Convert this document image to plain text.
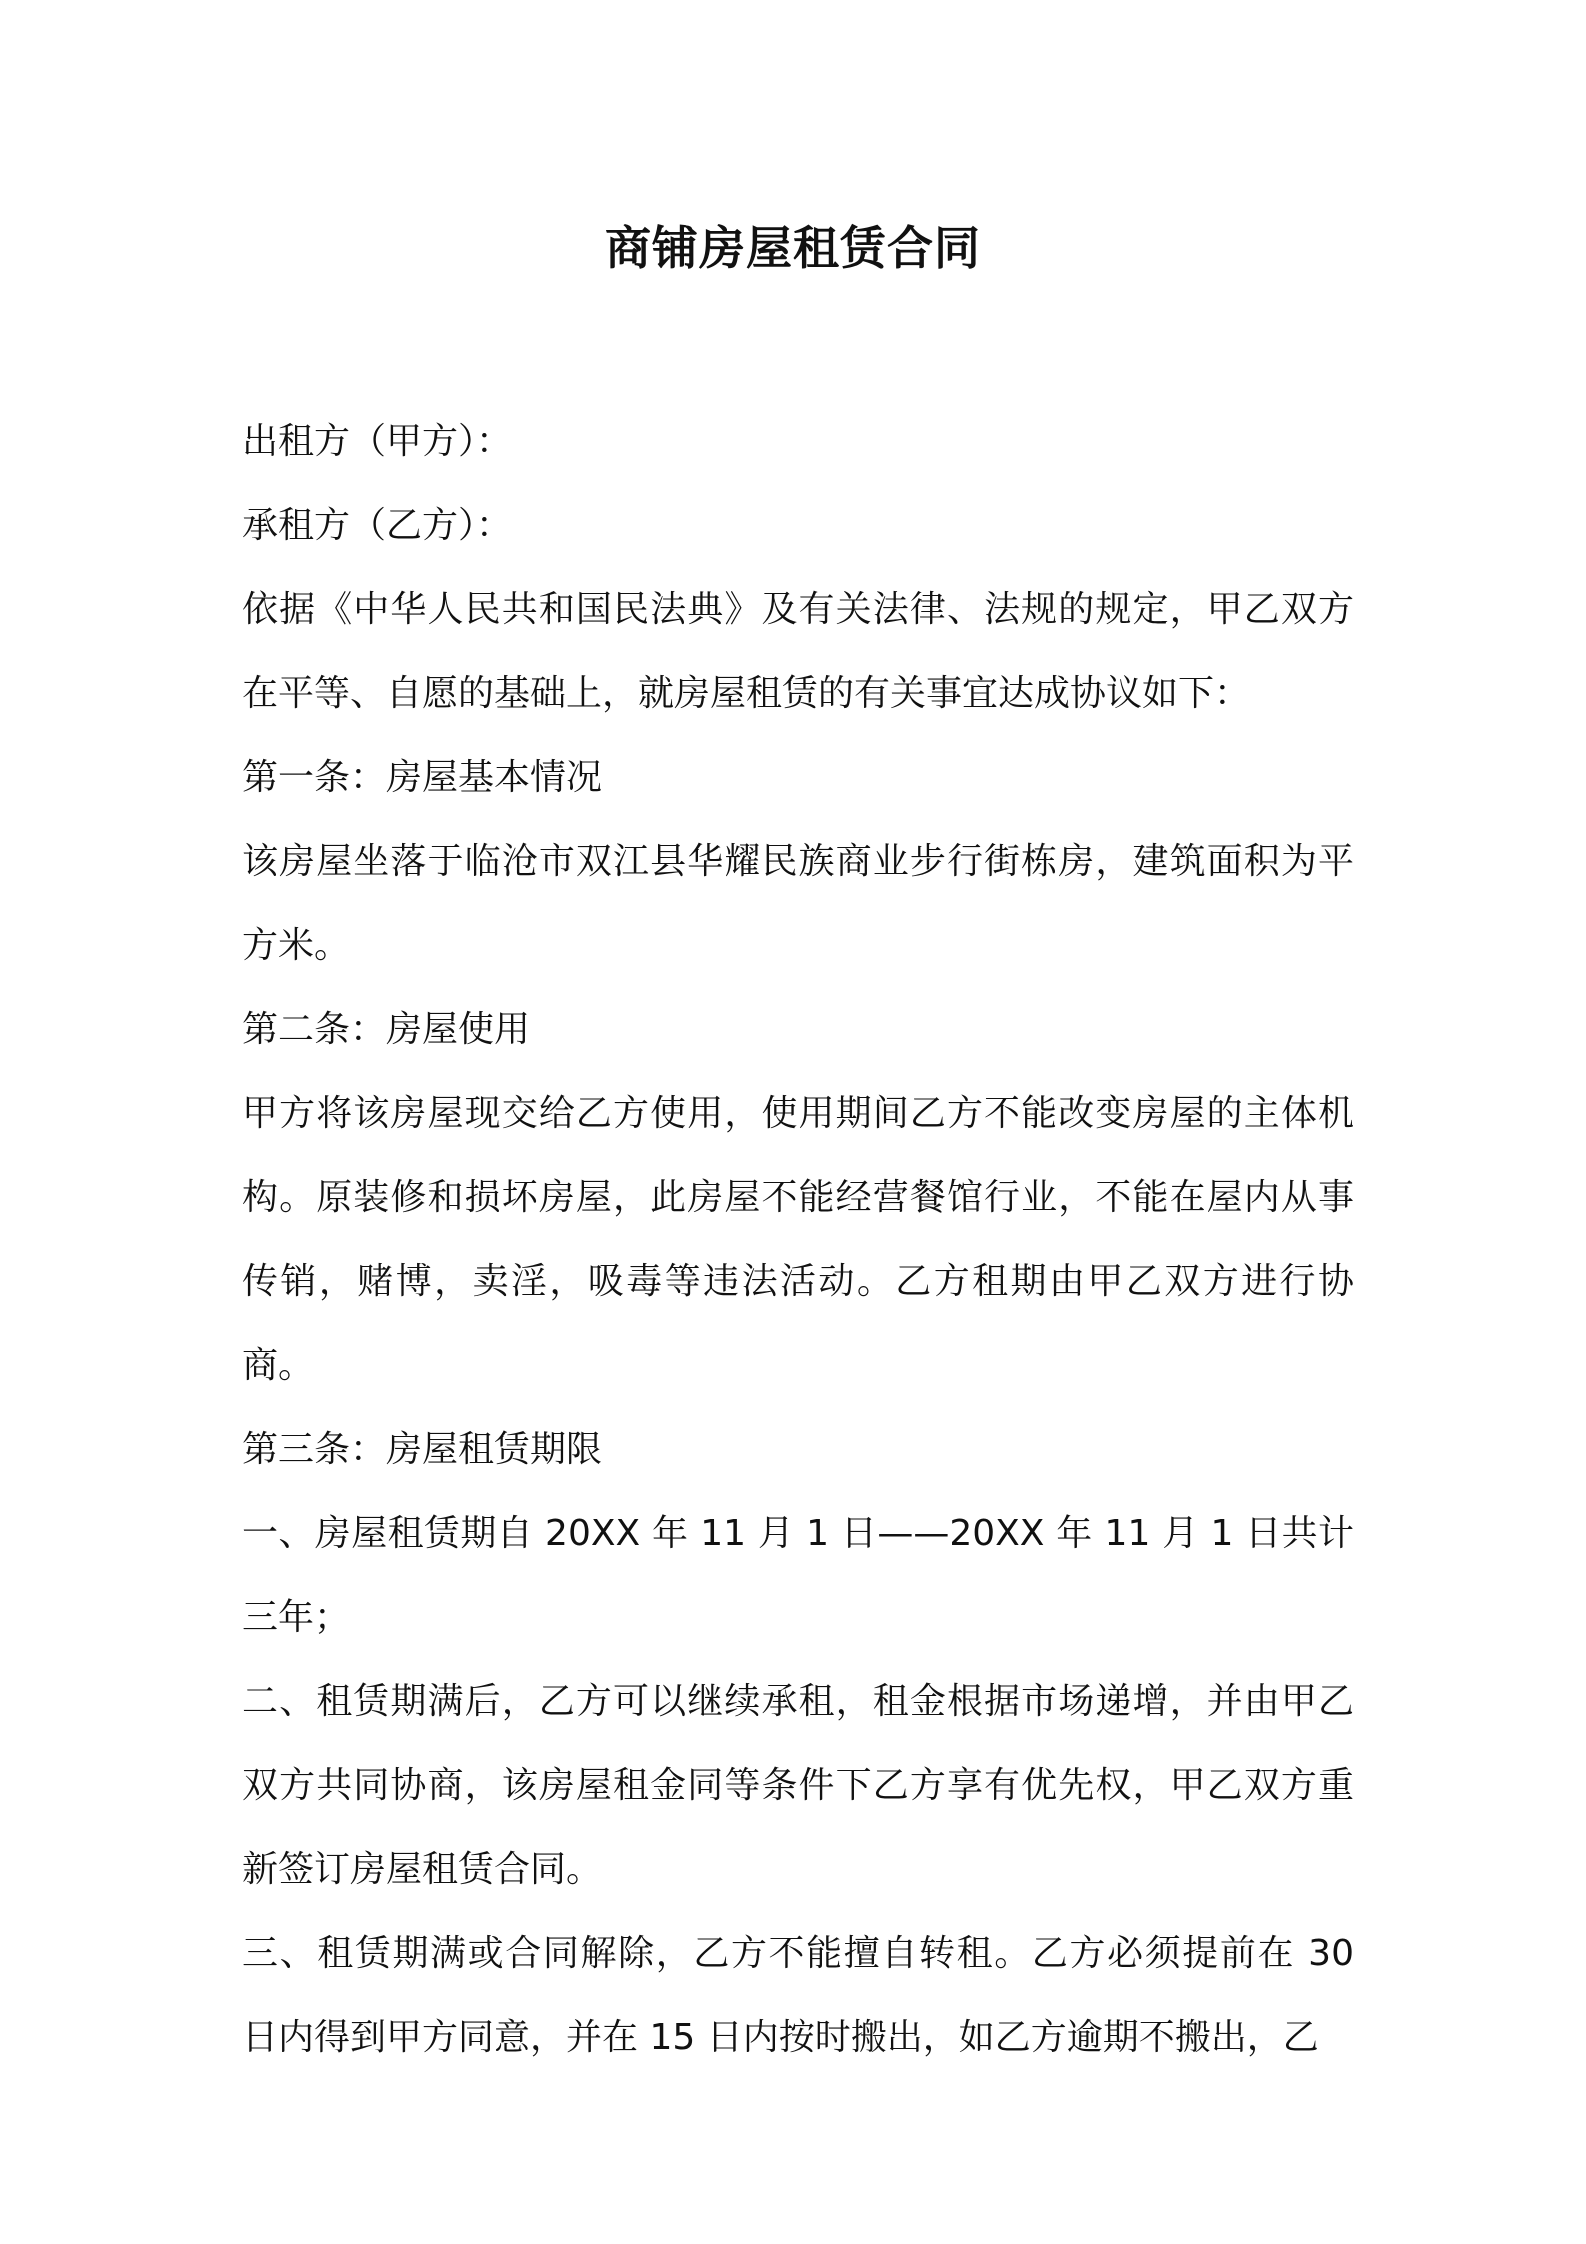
商铺房屋租赁合同

出租方（甲方）：

承租方（乙方）：

依据《中华人民共和国民法典》及有关法律、法规的规定，甲乙双方在平等、自愿的基础上，就房屋租赁的有关事宜达成协议如下：

第一条：房屋基本情况

该房屋坐落于临沧市双江县华耀民族商业步行街栋房，建筑面积为平方米。

第二条：房屋使用

甲方将该房屋现交给乙方使用，使用期间乙方不能改变房屋的主体机构。原装修和损坏房屋，此房屋不能经营餐馆行业，不能在屋内从事传销，赌博，卖淫，吸毒等违法活动。乙方租期由甲乙双方进行协商。

第三条：房屋租赁期限

一、房屋租赁期自 20XX 年 11 月 1 日——20XX 年 11 月 1 日共计三年；

二、租赁期满后，乙方可以继续承租，租金根据市场递增，并由甲乙双方共同协商，该房屋租金同等条件下乙方享有优先权，甲乙双方重新签订房屋租赁合同。

三、租赁期满或合同解除，乙方不能擅自转租。乙方必须提前在 30 日内得到甲方同意，并在 15 日内按时搬出，如乙方逾期不搬出，乙
